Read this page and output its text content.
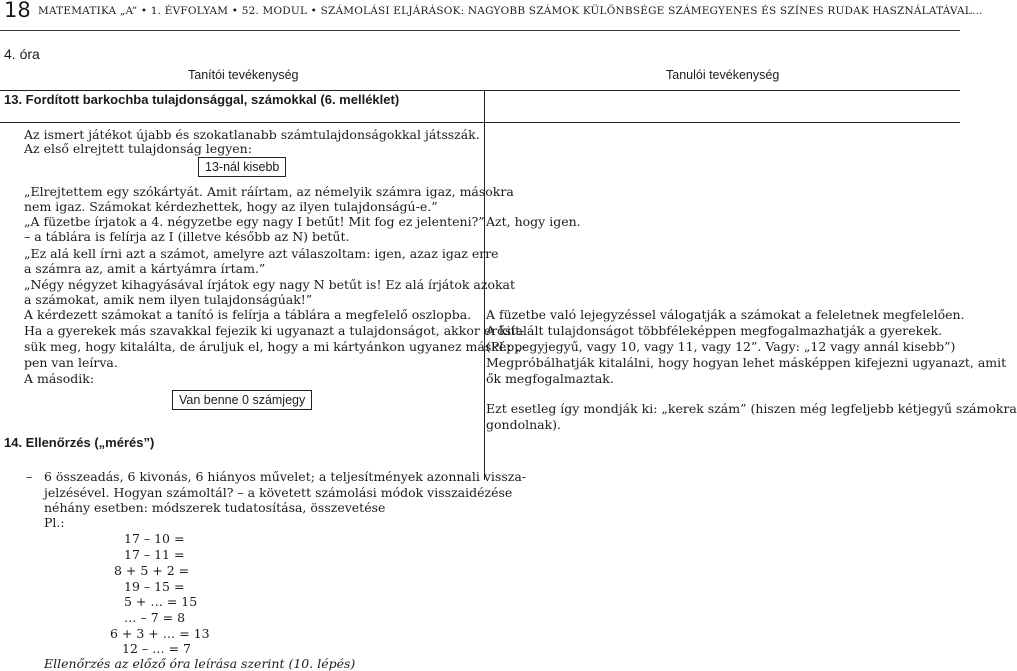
18 MATEMATIKA „A” • 1. ÉVFOLYAM • 52. MODUL • SZÁMOLÁSI ELJÁRÁSOK: NAGYOBB SZÁMOK KÜLÖNBSÉGE SZÁMEGYENES ÉS SZÍNES RUDAK HASZNÁLATÁVAL…
4. óra
Tanítói tevékenység	Tanulói tevékenység
13. Fordított barkochba tulajdonsággal, számokkal (6. melléklet)
Az ismert játékot újabb és szokatlanabb számtulajdonságokkal játsszák.
Az első elrejtett tulajdonság legyen:
13-nál kisebb
„Elrejtettem egy szókártyát. Amit ráírtam, az némelyik számra igaz, másokra
nem igaz. Számokat kérdezhettek, hogy az ilyen tulajdonságú-e.”
„A füzetbe írjatok a 4. négyzetbe egy nagy I betűt! Mit fog ez jelenteni?”
– a táblára is felírja az I (illetve később az N) betűt.
„Ez alá kell írni azt a számot, amelyre azt válaszoltam: igen, azaz igaz erre
a számra az, amit a kártyámra írtam.”
„Négy négyzet kihagyásával írjátok egy nagy N betűt is! Ez alá írjátok azokat
a számokat, amik nem ilyen tulajdonságúak!”
A kérdezett számokat a tanító is felírja a táblára a megfelelő oszlopba.
Ha a gyerekek más szavakkal fejezik ki ugyanazt a tulajdonságot, akkor erősít-
sük meg, hogy kitalálta, de áruljuk el, hogy a mi kártyánkon ugyanez másképp-
pen van leírva.
A második:
Van benne 0 számjegy
Azt, hogy igen.
A füzetbe való lejegyzéssel válogatják a számokat a feleletnek megfelelően.
A kitalált tulajdonságot többféleképpen megfogalmazhatják a gyerekek.
(Pl.: „egyjegyű, vagy 10, vagy 11, vagy 12”. Vagy: „12 vagy annál kisebb”)
Megpróbálhatják kitalálni, hogy hogyan lehet másképpen kifejezni ugyanazt, amit
ők megfogalmaztak.
Ezt esetleg így mondják ki: „kerek szám” (hiszen még legfeljebb kétjegyű számokra
gondolnak).
14. Ellenőrzés („mérés”)
– 6 összeadás, 6 kivonás, 6 hiányos művelet; a teljesítmények azonnali vissza-
jelzésével. Hogyan számoltál? – a követett számolási módok visszaidézése
néhány esetben: módszerek tudatosítása, összevetése
Pl.:
17 – 10 =
17 – 11 =
8 + 5 + 2 =
19 – 15 =
5 + … = 15
… – 7 = 8
6 + 3 + … = 13
12 – … = 7
Ellenőrzés az előző óra leírása szerint (10. lépés)
